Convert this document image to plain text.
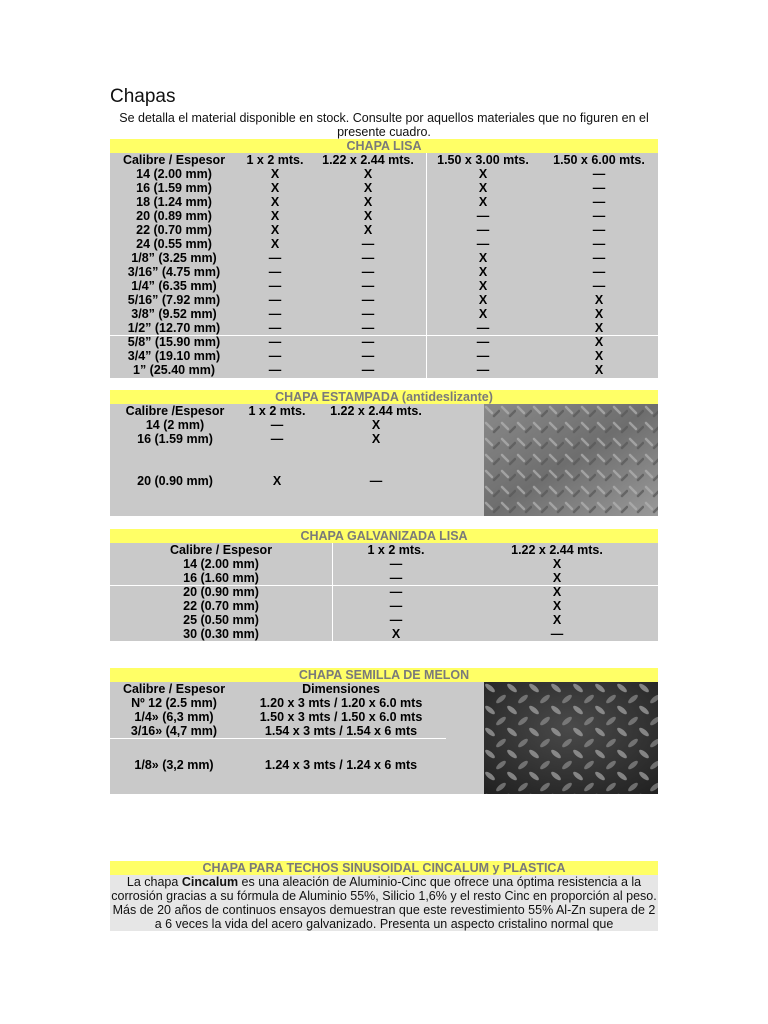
Chapas
Se detalla el material disponible en stock. Consulte por aquellos materiales que no figuren en el presente cuadro.
CHAPA LISA
Calibre / Espesor	1 x 2 mts.	1.22 x 2.44 mts.	1.50 x 3.00 mts.	1.50 x 6.00 mts.
14 (2.00 mm)	X	X	X	—
16 (1.59 mm)	X	X	X	—
18 (1.24 mm)	X	X	X	—
20 (0.89 mm)	X	X	—	—
22 (0.70 mm)	X	X	—	—
24 (0.55 mm)	X	—	—	—
1/8” (3.25 mm)	—	—	X	—
3/16” (4.75 mm)	—	—	X	—
1/4” (6.35 mm)	—	—	X	—
5/16” (7.92 mm)	—	—	X	X
3/8” (9.52 mm)	—	—	X	X
1/2” (12.70 mm)	—	—	—	X
5/8” (15.90 mm)	—	—	—	X
3/4” (19.10 mm)	—	—	—	X
1” (25.40 mm)	—	—	—	X
CHAPA ESTAMPADA (antideslizante)
Calibre /Espesor	1 x 2 mts.	1.22 x 2.44 mts.
14 (2 mm)	—	X
16 (1.59 mm)	—	X
20 (0.90 mm)	X	—
CHAPA GALVANIZADA LISA
Calibre / Espesor	1 x 2 mts.	1.22 x 2.44 mts.
14 (2.00 mm)	—	X
16 (1.60 mm)	—	X
20 (0.90 mm)	—	X
22 (0.70 mm)	—	X
25 (0.50 mm)	—	X
30 (0.30 mm)	X	—
CHAPA SEMILLA DE MELON
Calibre / Espesor	Dimensiones
Nº 12 (2.5 mm)	1.20 x 3 mts / 1.20 x 6.0 mts
1/4» (6,3 mm)	1.50 x 3 mts / 1.50 x 6.0 mts
3/16» (4,7 mm)	1.54 x 3 mts / 1.54 x 6 mts
1/8» (3,2 mm)	1.24 x 3 mts / 1.24 x 6 mts
CHAPA PARA TECHOS SINUSOIDAL CINCALUM y PLASTICA
La chapa Cincalum es una aleación de Aluminio-Cinc que ofrece una óptima resistencia a la corrosión gracias a su fórmula de Aluminio 55%, Silicio 1,6% y el resto Cinc en proporción al peso. Más de 20 años de continuos ensayos demuestran que este revestimiento 55% Al-Zn supera de 2 a 6 veces la vida del acero galvanizado. Presenta un aspecto cristalino normal que
